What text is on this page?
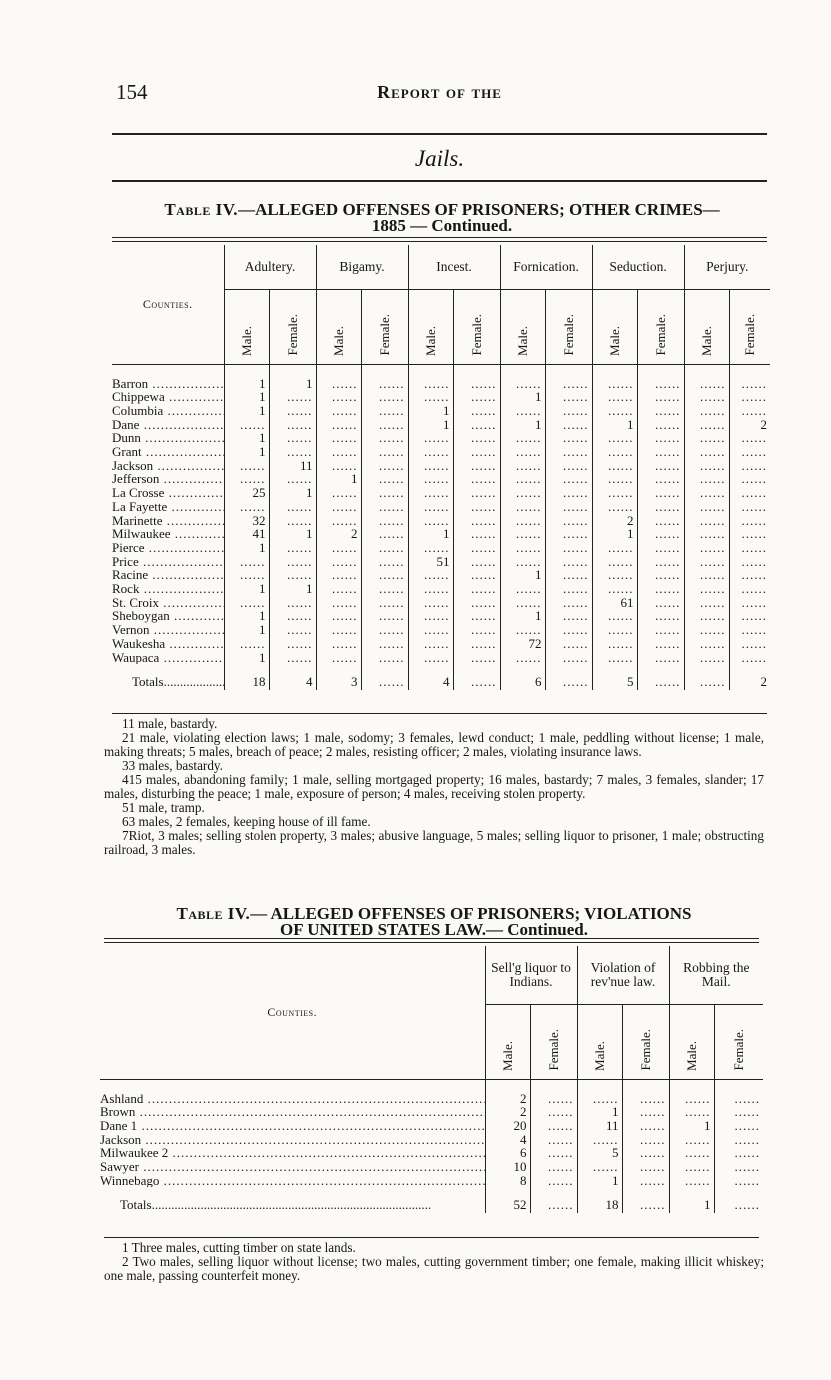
154	Report of the
Jails.
Table IV.—ALLEGED OFFENSES OF PRISONERS; OTHER CRIMES—
1885 — Continued.
Counties.	Adultery.		Bigamy.		Incest.		Fornication.		Seduction.		Perjury.	
	Male.	Female.	Male.	Female.	Male.	Female.	Male.	Female.	Male.	Female.	Male.	Female.
Barron .....	1	1	......	......	......	......	......	......	......	......	......	......
Chippewa .....	1	......	......	......	......	......	1	......	......	......	......	......
Columbia .....	1	......	......	......	1	......	......	......	......	......	......	......
Dane .....	......	......	......	......	1	......	1	......	1	......	......	2
Dunn .....	1	......	......	......	......	......	......	......	......	......	......	......
Grant .....	1	......	......	......	......	......	......	......	......	......	......	......
Jackson .....	......	11	......	......	......	......	......	......	......	......	......	......
Jefferson .....	......	......	1	......	......	......	......	......	......	......	......	......
La Crosse .....	25	1	......	......	......	......	......	......	......	......	......	......
La Fayette .....	......	......	......	......	......	......	......	......	......	......	......	......
Marinette .....	32	......	......	......	......	......	......	......	2	......	......	......
Milwaukee .....	41	1	2	......	1	......	......	......	1	......	......	......
Pierce .....	1	......	......	......	......	......	......	......	......	......	......	......
Price .....	......	......	......	......	51	......	......	......	......	......	......	......
Racine .....	......	......	......	......	......	......	1	......	......	......	......	......
Rock .....	1	1	......	......	......	......	......	......	......	......	......	......
St. Croix .....	......	......	......	......	......	......	......	......	61	......	......	......
Sheboygan .....	1	......	......	......	......	......	1	......	......	......	......	......
Vernon .....	1	......	......	......	......	......	......	......	......	......	......	......
Waukesha .....	......	......	......	......	......	......	72	......	......	......	......	......
Waupaca .....	1	......	......	......	......	......	......	......	......	......	......	......
Totals .....	18	4	3	......	4	......	6	......	5	......	......	2

11 male, bastardy.

21 male, violating election laws; 1 male, sodomy; 3 females, lewd conduct; 1 male, peddling without license; 1 male, making threats; 5 males, breach of peace; 2 males, resisting officer; 2 males, violating insurance laws.

33 males, bastardy.

415 males, abandoning family; 1 male, selling mortgaged property; 16 males, bastardy; 7 males, 3 females, slander; 17 males, disturbing the peace; 1 male, exposure of person; 4 males, receiving stolen property.

51 male, tramp.

63 males, 2 females, keeping house of ill fame.

7Riot, 3 males; selling stolen property, 3 males; abusive language, 5 males; selling liquor to prisoner, 1 male; obstructing railroad, 3 males.

Table IV.— ALLEGED OFFENSES OF PRISONERS; VIOLATIONS
OF UNITED STATES LAW.— Continued.
Counties.	Sell'g liquor to Indians.		Violation of rev'nue law.		Robbing the Mail.	
	Male.	Female.	Male.	Female.	Male.	Female.
Ashland .....	2	......	......	......	......	......
Brown .....	2	......	1	......	......	......
Dane 1 .....	20	......	11	......	1	......
Jackson .....	4	......	......	......	......	......
Milwaukee 2 .....	6	......	5	......	......	......
Sawyer .....	10	......	......	......	......	......
Winnebago .....	8	......	1	......	......	......
Totals .....	52	......	18	......	1	......

1 Three males, cutting timber on state lands.

2 Two males, selling liquor without license; two males, cutting government timber; one female, making illicit whiskey; one male, passing counterfeit money.
